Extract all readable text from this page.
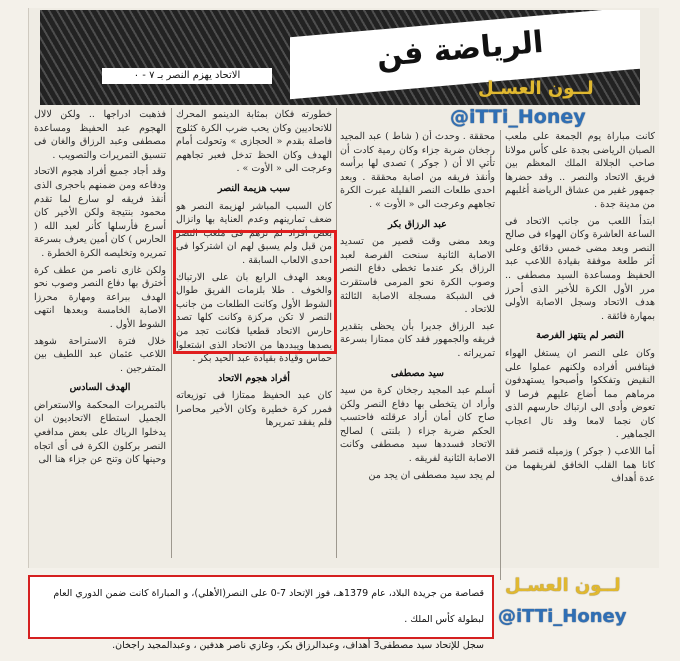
الرياضة فن
الاتحاد يهزم النصر بـ ٧ - ٠
لــون العسـل
@iTTi_Honey

كانت مباراة يوم الجمعة على ملعب الصبان الرياضى بجدة على كأس مولانا صاحب الجلالة الملك المعظم بين فريق الاتحاد والنصر .. وقد حضرها جمهور غفير من عشاق الرياضة أغلبهم من مدينة جدة .

ابتدأ اللعب من جانب الاتحاد فى الساعة العاشرة وكان الهواء فى صالح النصر وبعد مضى خمس دقائق وعلى أثر طلعة موفقة بقيادة اللاعب عبد الحفيظ ومساعدة السيد مصطفى .. مرر الأول الكرة للأخير الذى أحرز هدف الاتحاد وسجل الاصابة الأولى بمهارة فائقة .

النصر لم ينتهز الفرصة

وكان على النصر ان يستغل الهواء فينافس أفراده ولكنهم عملوا على النقيض وتفككوا وأصبحوا يستهدفون مرماهم مما أضاع عليهم فرصا لا تعوض وأدى الى ارتباك حارسهم الذى كان نجما لامعا وقد نال اعجاب الجماهير .

أما اللاعب ( جوكر ) وزميله قنصر فقد كانا هما القلب الخافق لفريقهما من عدة أهداف

محققة . وحدث أن ( شاط ) عبد المجيد رجخان ضربة جزاء وكان رمية كادت أن تأتي الا أن ( جوكر ) تصدى لها برأسه وأنقذ فريقه من اصابة محققة . وبعد احدى طلعات النصر القليلة عبرت الكرة تجاههم وعرجت الى « الأوت » .

عبد الرزاق بكر

وبعد مضى وقت قصير من تسديد الاصابة الثانية سنحت الفرصة لعبد الرزاق بكر عندما تخطى دفاع النصر وصوب الكرة نحو المرمى فاستقرت فى الشبكة مسجلة الاصابة الثالثة للاتحاد .

عبد الرزاق جديرا بأن يحظى بتقدير فريقه والجمهور فقد كان ممتازا بسرعة تمريراته .

سيد مصطفى

أسلم عبد المجيد رجخان كرة من سيد وأراد ان يتخطى بها دفاع النصر ولكن صاح كان أمان أراد عرقلته فاحتسب الحكم ضربة جزاء ( بلنتى ) لصالح الاتحاد فسددها سيد مصطفى وكانت الاصابة الثانية لفريقه .

لم يجد سيد مصطفى ان يجد من

خطورته فكان بمثابة الدينمو المحرك للاتحاديين وكان يحب ضرب الكرة كثلوج فاصلة بقدم « الحجازى » وتحولت أمام الهدف وكان الحظ تدخل فعبر تجاههم وعرجت الى « الأوت » .

سبب هزيمة النصر

كان السبب المباشر لهزيمة النصر هو ضعف تمارينهم وعدم العناية بها وانزال بعض أفراد لم ترهم فى ملعب النصر من قبل ولم يسبق لهم ان اشتركوا فى احدى الالعاب السابقة .

وبعد الهدف الرابع بان على الارتباك والخوف . طلا بلزمات الفريق طوال الشوط الأول وكانت الطلعات من جانب النصر لا تكن مركزة وكانت كلها تصد حارس الاتحاد قطعيا فكانت تجد من يصدها ويبددها من الاتحاد الذى اشتعلوا حماس وقيادة بقيادة عبد الحيد بكر .

أفراد هجوم الاتحاد

كان عبد الحفيظ ممتازا فى توزيعاته فمرر كرة خطيرة وكان الأخير محاصرا فلم يفقد تمريرها

فذهبت ادراجها .. ولكن لالال الهجوم عبد الحفيظ ومساعدة مصطفى وعبد الرزاق والغان فى تنسيق التمريرات والتصويب .

وقد أجاد جميع أفراد هجوم الاتحاد ودفاعه ومن ضمنهم باحجرى الذى أنقذ فريقه لو سارع لما تقدم محمود بنتيجة ولكن الأخير كان أسرع فأرسلها كأنر لعبد الله ( الحارس ) كان أمين يعرف بسرعة تمريره وتخليصه الكرة الخطرة .

ولكن غازى ناصر من عطف كرة أخترق بها دفاع النصر وصوب نحو الهدف ببراعة ومهارة محرزا الاصابة الخامسة وبعدها انتهى الشوط الأول .

خلال فترة الاستراحة شوهد اللاعب عثمان عبد اللطيف بين المتفرجين .

الهدف السادس

بالتمريرات المحكمة والاستعراض الجميل استطاع الاتحاديون ان يدخلوا الرباك على بعض مدافعي النصر بركلون الكرة فى أى اتجاه وحينها كان وتنح عن جزاء هنا الى

لــون العسـل
@iTTi_Honey
قصاصة من جريدة البلاد، عام 1379هـ، فوز الإتحاد 7-0 على النصر(الأهلي)، و المباراة كانت ضمن الدوري العام لبطولة كأس الملك .
سجل للإتحاد سيد مصطفى3 أهداف، وعبدالرزاق بكر، وغازي ناصر هدفين ، وعبدالمجيد راجخان.
